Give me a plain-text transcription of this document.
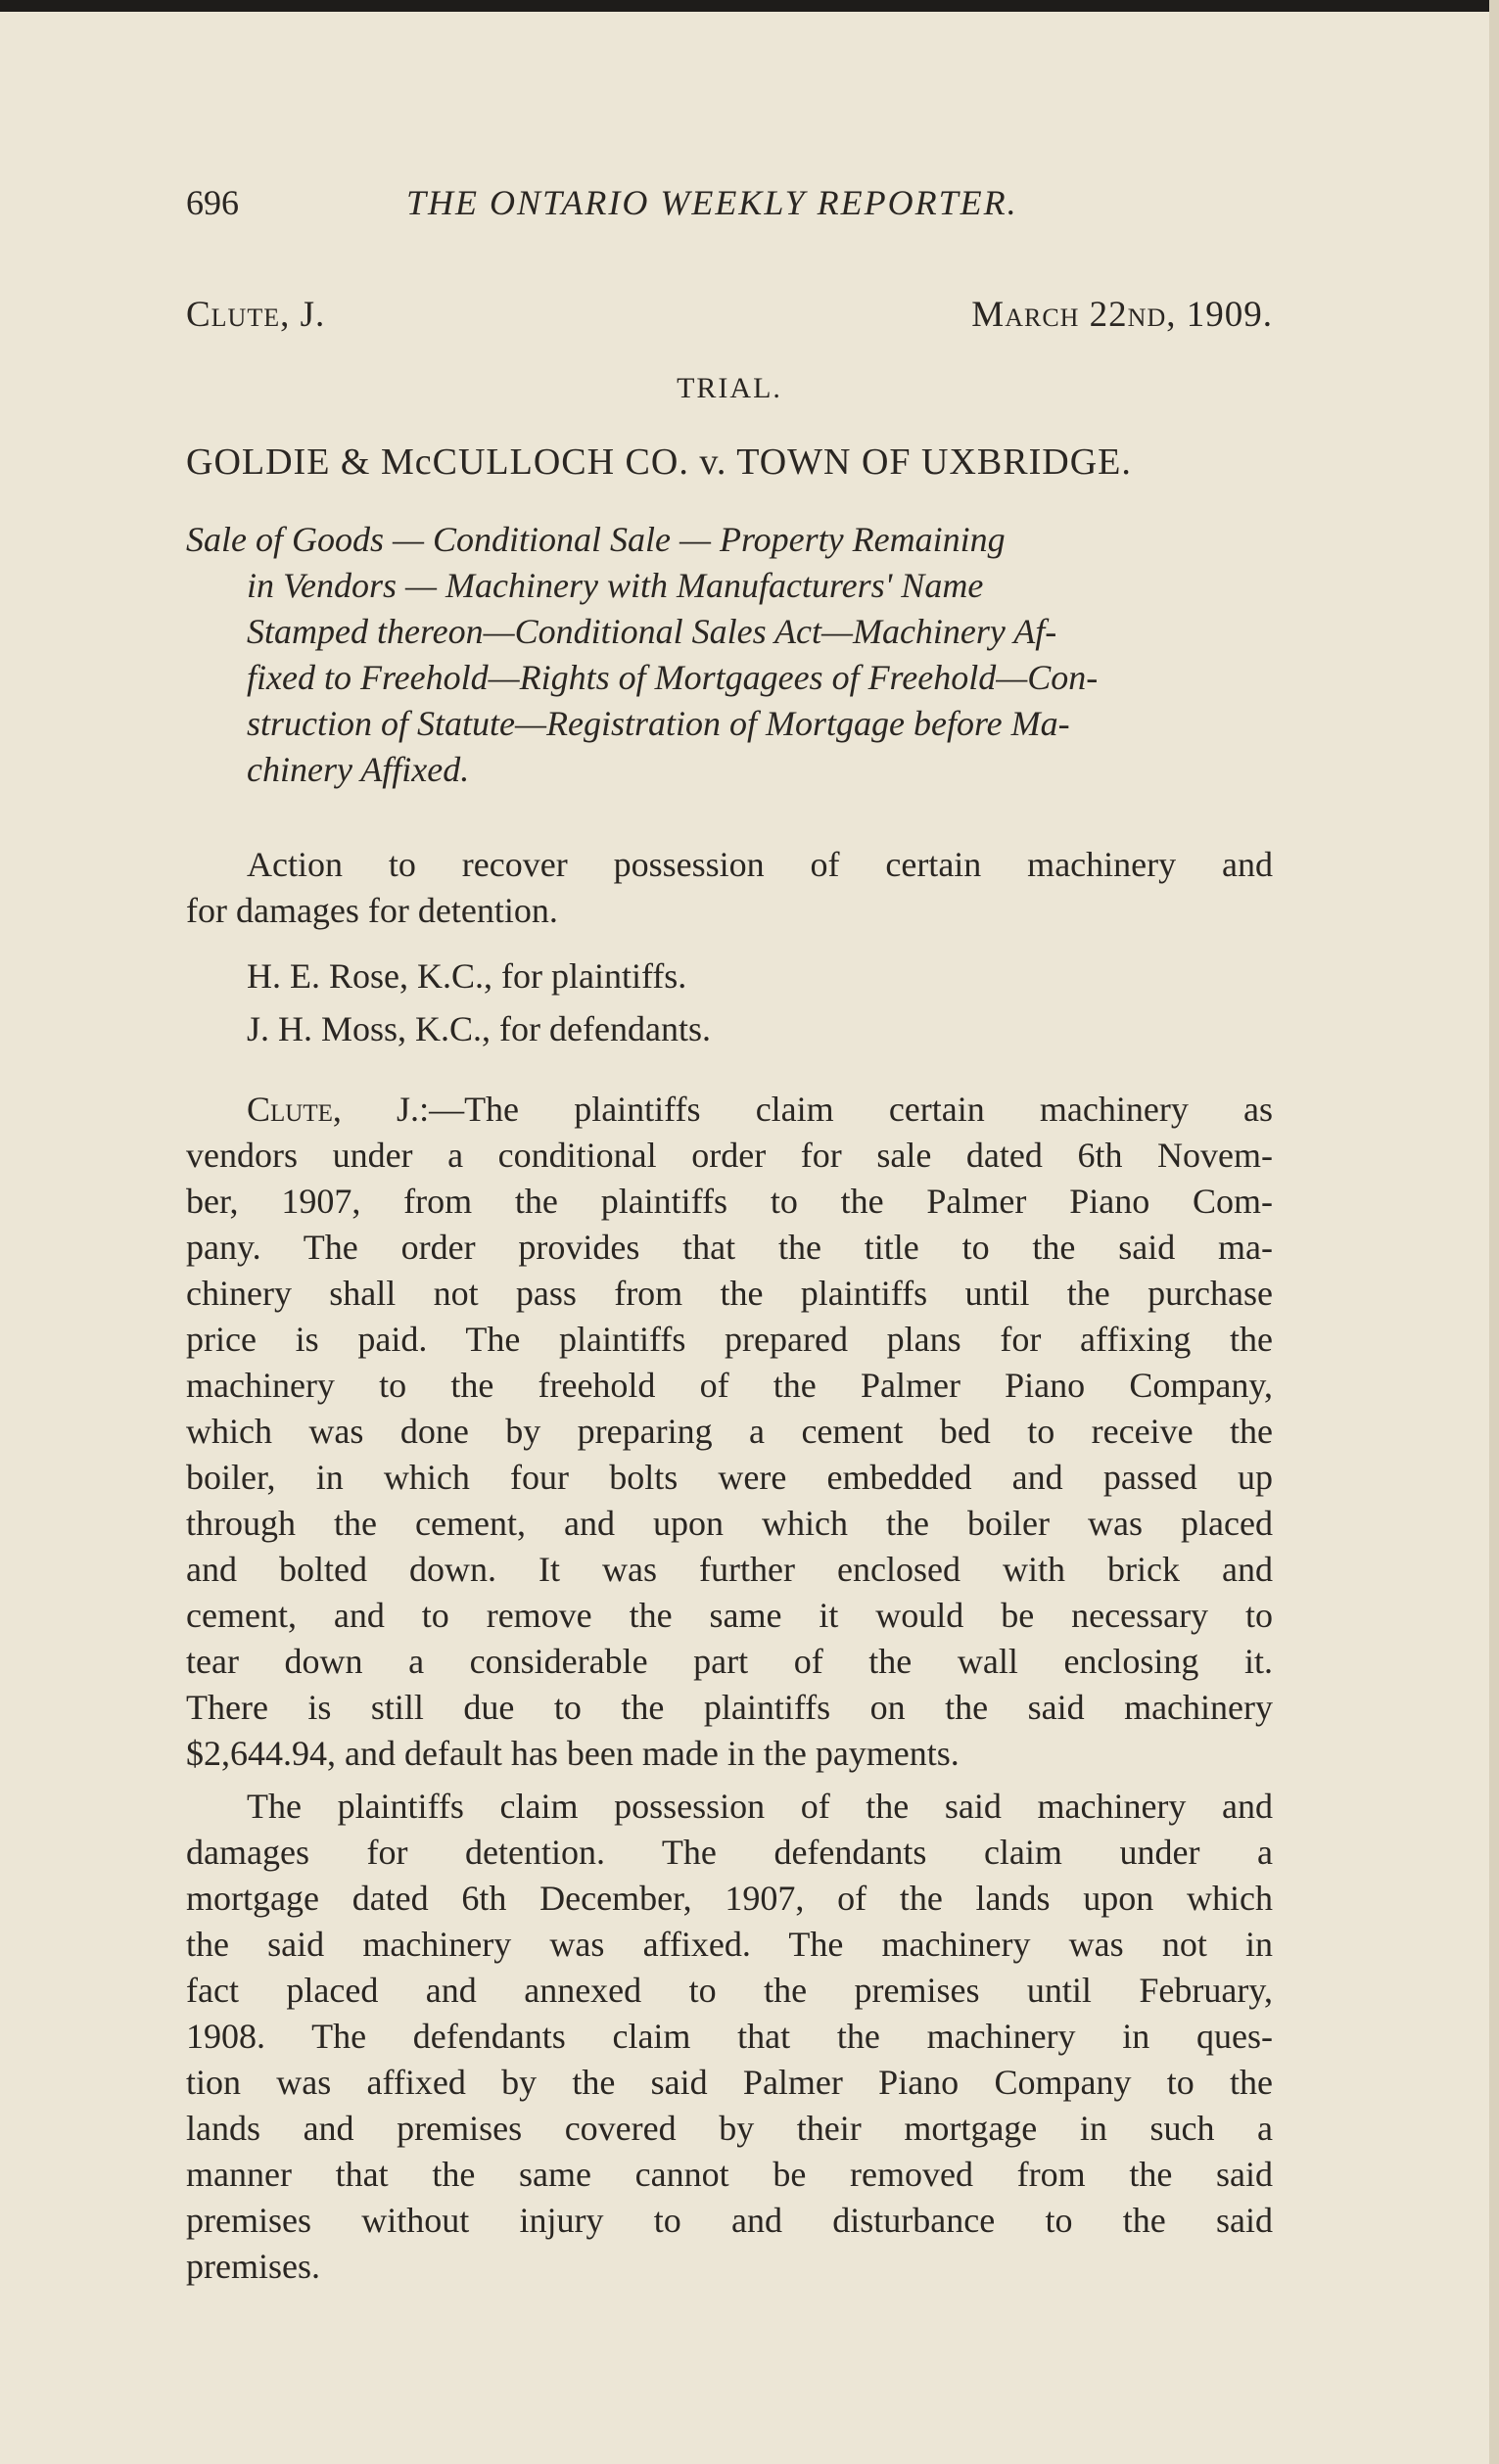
696	THE ONTARIO WEEKLY REPORTER.
Clute, J.	March 22nd, 1909.
TRIAL.
GOLDIE & McCULLOCH CO. v. TOWN OF UXBRIDGE.
Sale of Goods — Conditional Sale — Property Remaining
in Vendors — Machinery with Manufacturers' Name
Stamped thereon—Conditional Sales Act—Machinery Af-
fixed to Freehold—Rights of Mortgagees of Freehold—Con-
struction of Statute—Registration of Mortgage before Ma-
chinery Affixed.
Action to recover possession of certain machinery and
for damages for detention.
H. E. Rose, K.C., for plaintiffs.
J. H. Moss, K.C., for defendants.
Clute, J.:—The plaintiffs claim certain machinery as
vendors under a conditional order for sale dated 6th Novem-
ber, 1907, from the plaintiffs to the Palmer Piano Com-
pany. The order provides that the title to the said ma-
chinery shall not pass from the plaintiffs until the purchase
price is paid. The plaintiffs prepared plans for affixing the
machinery to the freehold of the Palmer Piano Company,
which was done by preparing a cement bed to receive the
boiler, in which four bolts were embedded and passed up
through the cement, and upon which the boiler was placed
and bolted down. It was further enclosed with brick and
cement, and to remove the same it would be necessary to
tear down a considerable part of the wall enclosing it.
There is still due to the plaintiffs on the said machinery
$2,644.94, and default has been made in the payments.
The plaintiffs claim possession of the said machinery and
damages for detention. The defendants claim under a
mortgage dated 6th December, 1907, of the lands upon which
the said machinery was affixed. The machinery was not in
fact placed and annexed to the premises until February,
1908. The defendants claim that the machinery in ques-
tion was affixed by the said Palmer Piano Company to the
lands and premises covered by their mortgage in such a
manner that the same cannot be removed from the said
premises without injury to and disturbance to the said
premises.
